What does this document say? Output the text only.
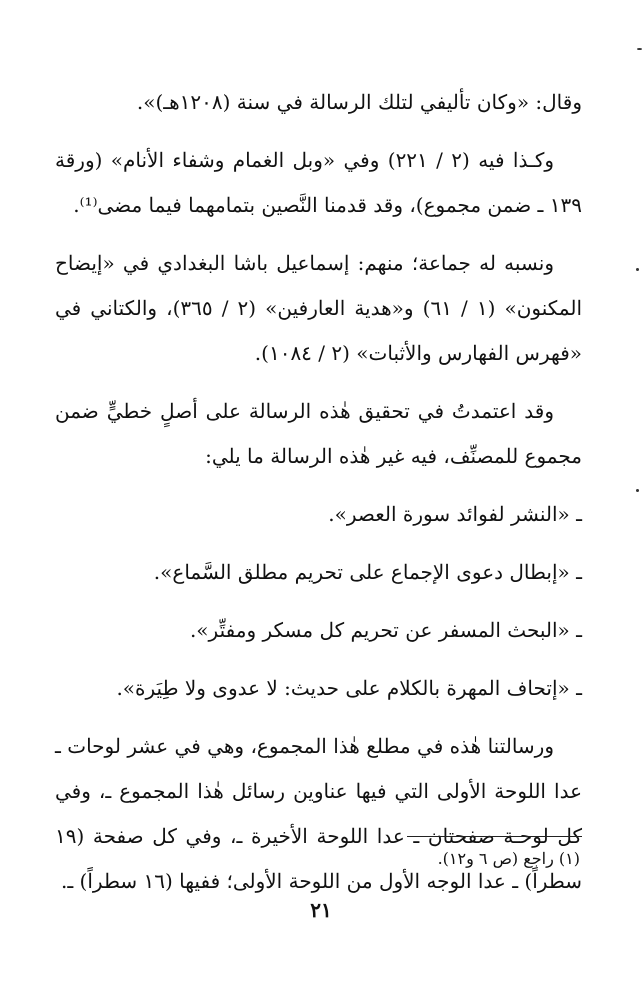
وقال: «وكان تأليفي لتلك الرسالة في سنة (١٢٠٨هـ)».

وكـذا فيه (٢ / ٢٢١) وفي «وبل الغمام وشفاء الأنام» (ورقة ١٣٩ ـ ضمن مجموع)، وقد قدمنا النَّصين بتمامهما فيما مضى⁽¹⁾.

ونسبه له جماعة؛ منهم: إسماعيل باشا البغدادي في «إيضاح المكنون» (١ / ٦١) و«هدية العارفين» (٢ / ٣٦٥)، والكتاني في «فهرس الفهارس والأثبات» (٢ / ١٠٨٤).

وقد اعتمدتُ في تحقيق هٰذه الرسالة على أصلٍ خطيٍّ ضمن مجموع للمصنِّف، فيه غير هٰذه الرسالة ما يلي:

ـ «النشر لفوائد سورة العصر».

ـ «إبطال دعوى الإجماع على تحريم مطلق السَّماع».

ـ «البحث المسفر عن تحريم كل مسكر ومفتِّر».

ـ «إتحاف المهرة بالكلام على حديث: لا عدوى ولا طِيَرة».

ورسالتنا هٰذه في مطلع هٰذا المجموع، وهي في عشر لوحات ـ عدا اللوحة الأولى التي فيها عناوين رسائل هٰذا المجموع ـ، وفي كل لوحـة صفحتان ـ عدا اللوحة الأخيرة ـ، وفي كل صفحة (١٩ سطراً) ـ عدا الوجه الأول من اللوحة الأولى؛ ففيها (١٦ سطراً) ـ.

(١) راجع (ص ٦ و١٢).
٢١
